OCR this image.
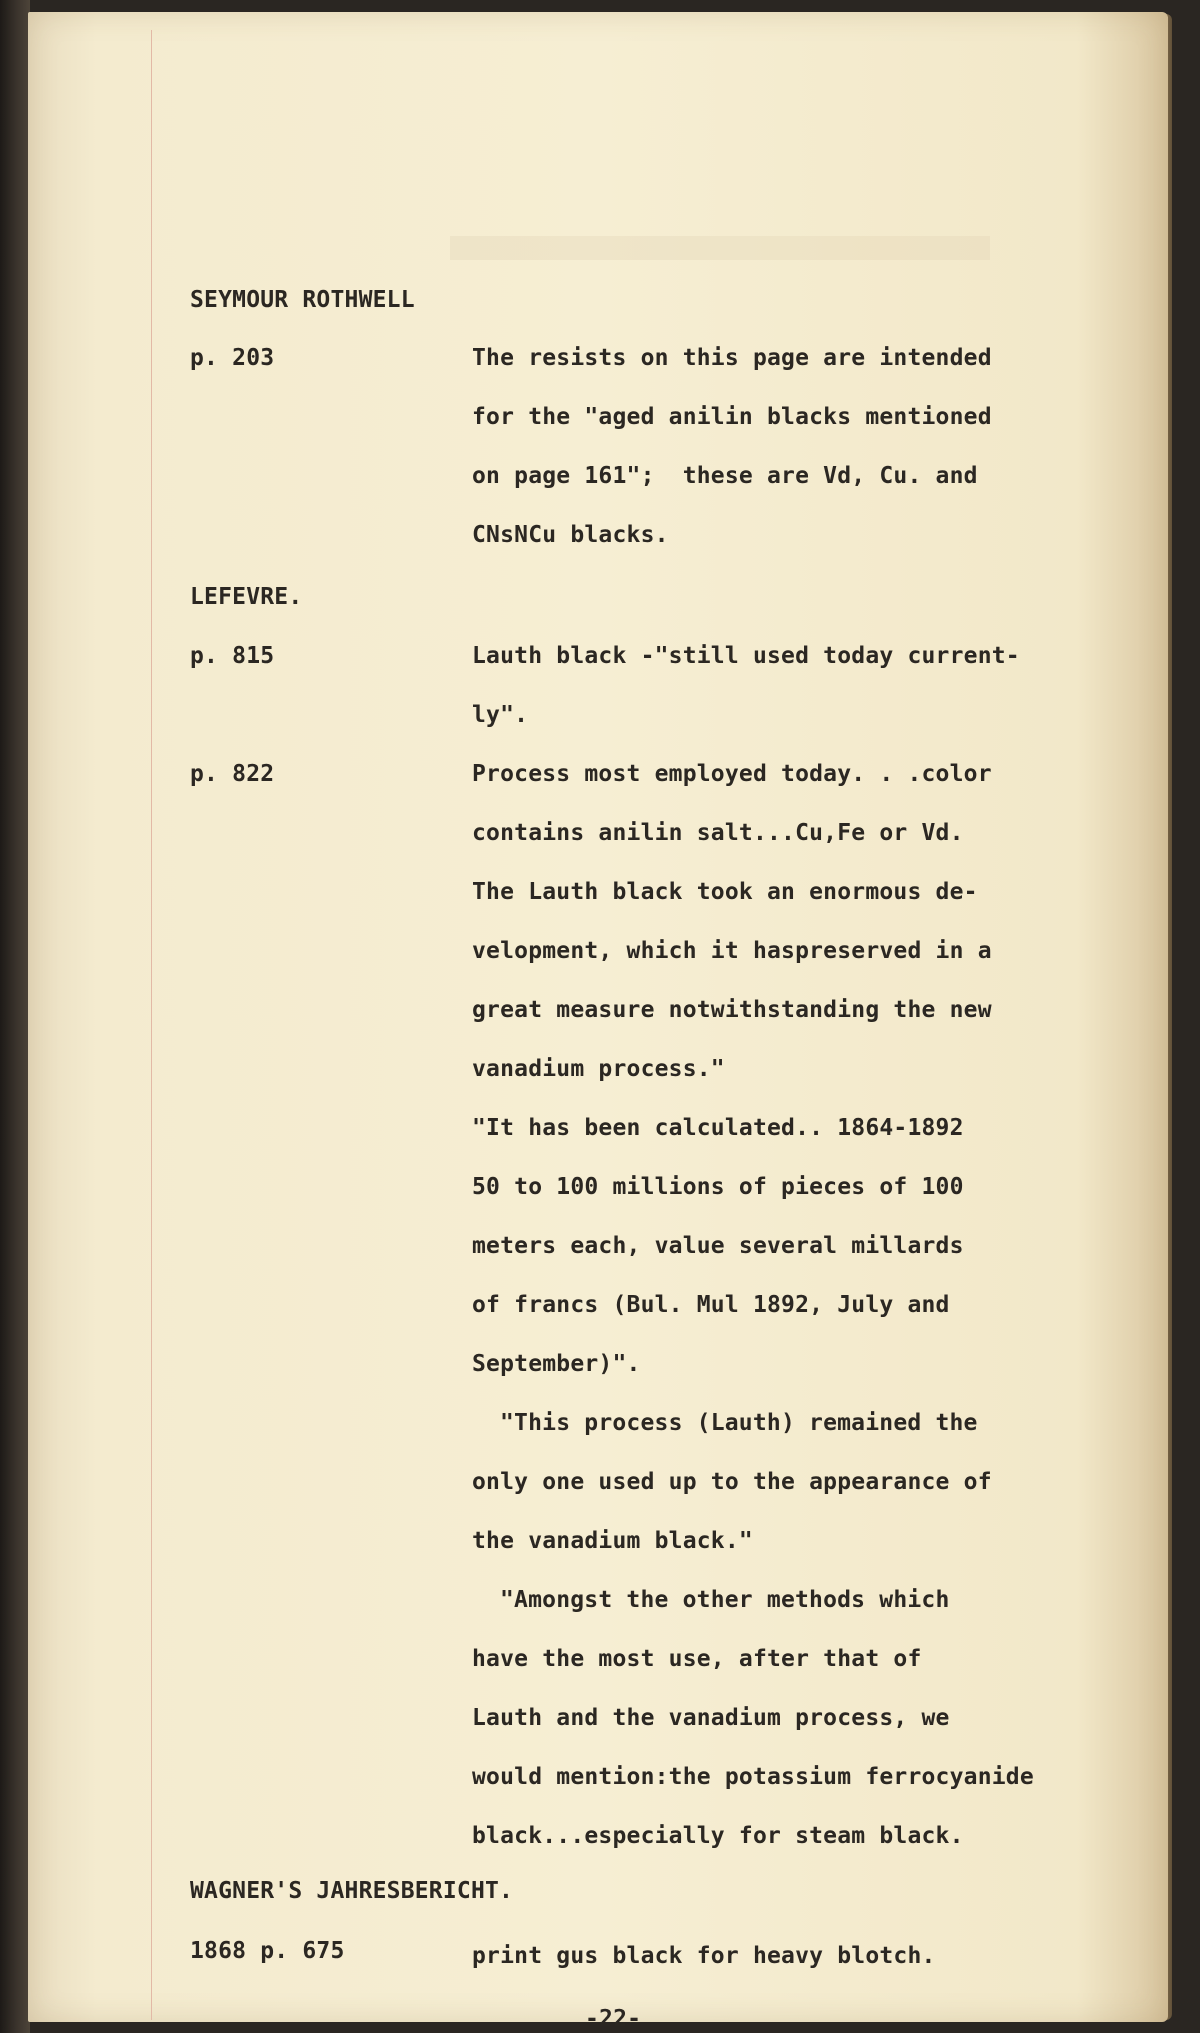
SEYMOUR ROTHWELL
p. 203	The resists on this page are intended
for the "aged anilin blacks mentioned
on page 161";  these are Vd, Cu. and
CNsNCu blacks.
LEFEVRE.
p. 815	Lauth black -"still used today current-
ly".
p. 822	Process most employed today. . .color
contains anilin salt...Cu,Fe or Vd.
The Lauth black took an enormous de-
velopment, which it haspreserved in a
great measure notwithstanding the new
vanadium process."
"It has been calculated.. 1864-1892
50 to 100 millions of pieces of 100
meters each, value several millards
of francs (Bul. Mul 1892, July and
September)".
"This process (Lauth) remained the
only one used up to the appearance of
the vanadium black."
"Amongst the other methods which
have the most use, after that of
Lauth and the vanadium process, we
would mention:the potassium ferrocyanide
black...especially for steam black.
WAGNER'S JAHRESBERICHT.
1868 p. 675	print gus black for heavy blotch.
-22-
